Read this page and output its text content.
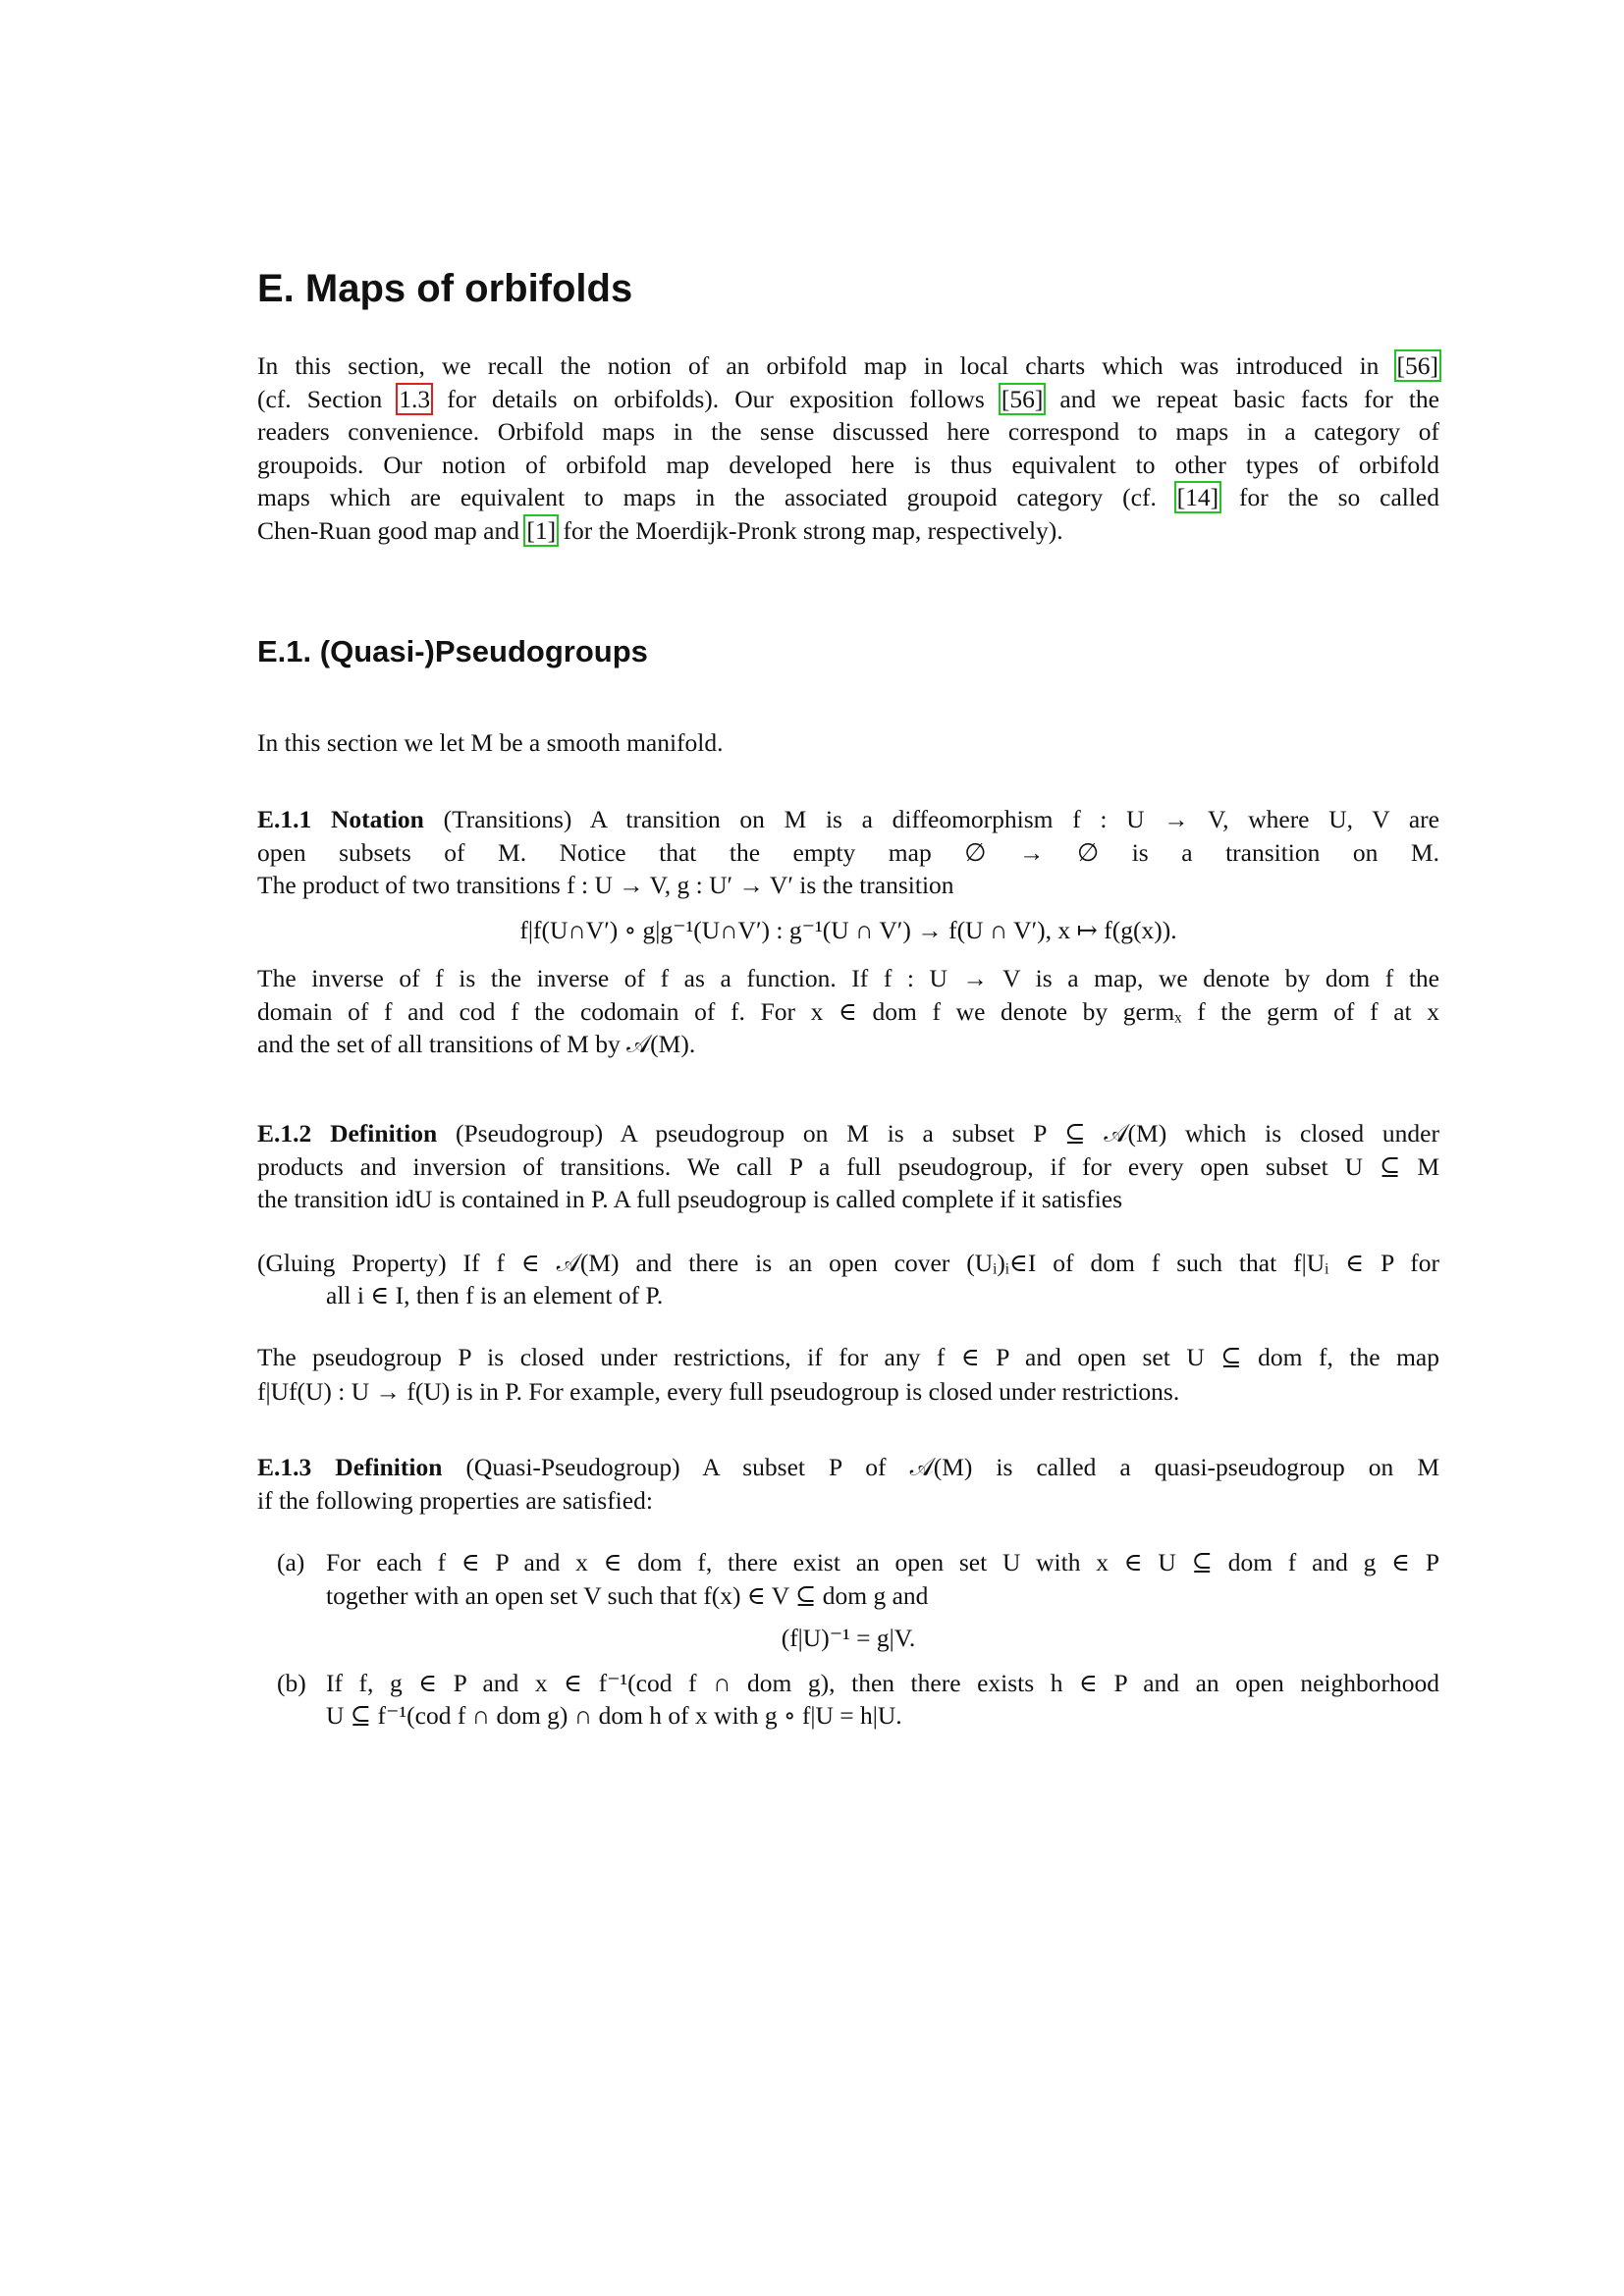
E. Maps of orbifolds
In this section, we recall the notion of an orbifold map in local charts which was introduced in [56]
(cf. Section 1.3 for details on orbifolds). Our exposition follows [56] and we repeat basic facts for the
readers convenience. Orbifold maps in the sense discussed here correspond to maps in a category of
groupoids. Our notion of orbifold map developed here is thus equivalent to other types of orbifold
maps which are equivalent to maps in the associated groupoid category (cf. [14] for the so called
Chen-Ruan good map and [1] for the Moerdijk-Pronk strong map, respectively).
E.1. (Quasi-)Pseudogroups
In this section we let M be a smooth manifold.
E.1.1 Notation (Transitions) A transition on M is a diffeomorphism f : U → V, where U, V are
open subsets of M. Notice that the empty map ∅ → ∅ is a transition on M.
The product of two transitions f : U → V, g : U′ → V′ is the transition
f|f(U∩V′) ∘ g|g⁻¹(U∩V′) : g⁻¹(U ∩ V′) → f(U ∩ V′), x ↦ f(g(x)).
The inverse of f is the inverse of f as a function. If f : U → V is a map, we denote by dom f the
domain of f and cod f the codomain of f. For x ∈ dom f we denote by germₓ f the germ of f at x
and the set of all transitions of M by 𝒜(M).
E.1.2 Definition (Pseudogroup) A pseudogroup on M is a subset P ⊆ 𝒜(M) which is closed under
products and inversion of transitions. We call P a full pseudogroup, if for every open subset U ⊆ M
the transition idU is contained in P. A full pseudogroup is called complete if it satisfies
(Gluing Property) If f ∈ 𝒜(M) and there is an open cover (Uᵢ)ᵢ∈I of dom f such that f|Uᵢ ∈ P for
all i ∈ I, then f is an element of P.
The pseudogroup P is closed under restrictions, if for any f ∈ P and open set U ⊆ dom f, the map
f|Uf(U) : U → f(U) is in P. For example, every full pseudogroup is closed under restrictions.
E.1.3 Definition (Quasi-Pseudogroup) A subset P of 𝒜(M) is called a quasi-pseudogroup on M
if the following properties are satisfied:
(a) For each f ∈ P and x ∈ dom f, there exist an open set U with x ∈ U ⊆ dom f and g ∈ P
together with an open set V such that f(x) ∈ V ⊆ dom g and
(f|U)⁻¹ = g|V.
(b) If f, g ∈ P and x ∈ f⁻¹(cod f ∩ dom g), then there exists h ∈ P and an open neighborhood
U ⊆ f⁻¹(cod f ∩ dom g) ∩ dom h of x with g ∘ f|U = h|U.
